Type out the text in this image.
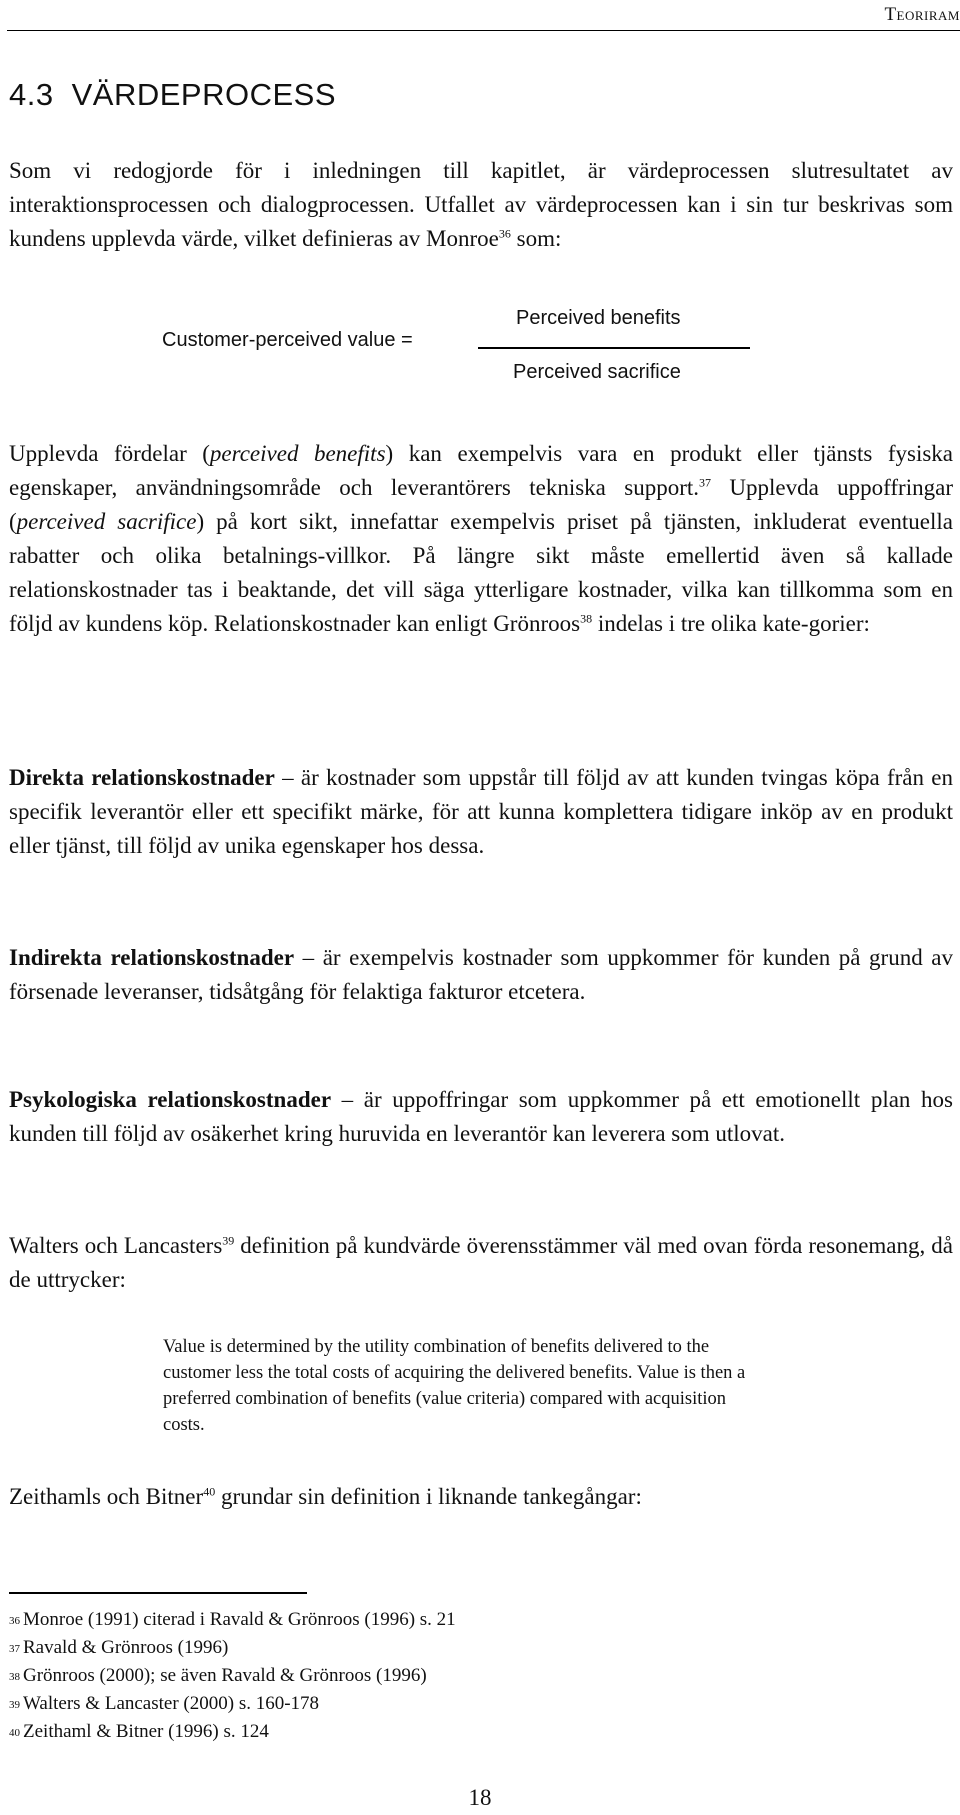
Teoriram
4.3 VÄRDEPROCESS

Som vi redogjorde för i inledningen till kapitlet, är värdeprocessen slutresultatet av interaktionsprocessen och dialogprocessen. Utfallet av värdeprocessen kan i sin tur beskrivas som kundens upplevda värde, vilket definieras av Monroe$^{36}$ som:

Customer-perceived value =
Perceived benefits
Perceived sacrifice

Upplevda fördelar (perceived benefits) kan exempelvis vara en produkt eller tjänsts fysiska egenskaper, användningsområde och leverantörers tekniska support.$^{37}$ Upplevda uppoffringar (perceived sacrifice) på kort sikt, innefattar exempelvis priset på tjänsten, inkluderat eventuella rabatter och olika betalnings-villkor. På längre sikt måste emellertid även så kallade relationskostnader tas i beaktande, det vill säga ytterligare kostnader, vilka kan tillkomma som en följd av kundens köp. Relationskostnader kan enligt Grönroos$^{38}$ indelas i tre olika kate-gorier:

Direkta relationskostnader – är kostnader som uppstår till följd av att kunden tvingas köpa från en specifik leverantör eller ett specifikt märke, för att kunna komplettera tidigare inköp av en produkt eller tjänst, till följd av unika egenskaper hos dessa.

Indirekta relationskostnader – är exempelvis kostnader som uppkommer för kunden på grund av försenade leveranser, tidsåtgång för felaktiga fakturor etcetera.

Psykologiska relationskostnader – är uppoffringar som uppkommer på ett emotionellt plan hos kunden till följd av osäkerhet kring huruvida en leverantör kan leverera som utlovat.

Walters och Lancasters$^{39}$ definition på kundvärde överensstämmer väl med ovan förda resonemang, då de uttrycker:

Value is determined by the utility combination of benefits delivered to the customer less the total costs of acquiring the delivered benefits. Value is then a preferred combination of benefits (value criteria) compared with acquisition costs.

Zeithamls och Bitner$^{40}$ grundar sin definition i liknande tankegångar:

$^{36}$ Monroe (1991) citerad i Ravald & Grönroos (1996) s. 21
$^{37}$ Ravald & Grönroos (1996)
$^{38}$ Grönroos (2000); se även Ravald & Grönroos (1996)
$^{39}$ Walters & Lancaster (2000) s. 160-178
$^{40}$ Zeithaml & Bitner (1996) s. 124
18
